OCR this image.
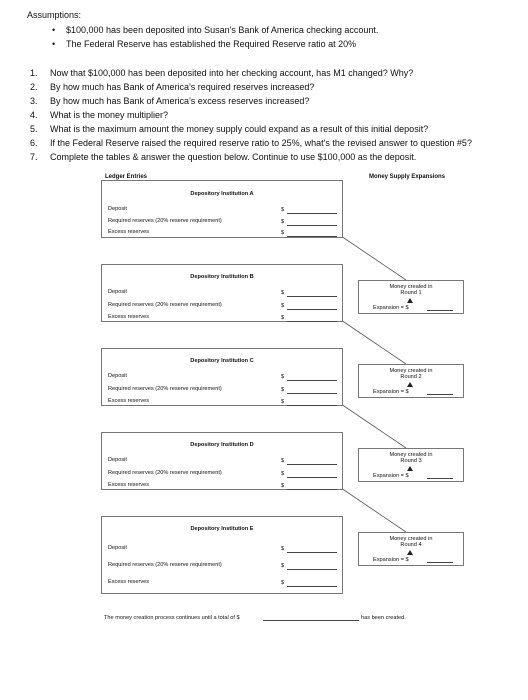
Assumptions:
• $100,000 has been deposited into Susan's Bank of America checking account.
• The Federal Reserve has established the Required Reserve ratio at 20%
1. Now that $100,000 has been deposited into her checking account, has M1 changed? Why?
2. By how much has Bank of America's required reserves increased?
3. By how much has Bank of America's excess reserves increased?
4. What is the money multiplier?
5. What is the maximum amount the money supply could expand as a result of this initial deposit?
6. If the Federal Reserve raised the required reserve ratio to 25%, what's the revised answer to question #5?
7. Complete the tables & answer the question below. Continue to use $100,000 as the deposit.
Ledger Entries	Money Supply Expansions
Depository Institution A
Deposit	$
Required reserves (20% reserve requirement)	$
Excess reserves	$
Depository Institution B
Deposit	$
Required reserves (20% reserve requirement)	$
Excess reserves	$
Depository Institution C
Deposit	$
Required reserves (20% reserve requirement)	$
Excess reserves	$
Depository Institution D
Deposit	$
Required reserves (20% reserve requirement)	$
Excess reserves	$
Depository Institution E
Deposit	$
Required reserves (20% reserve requirement)	$
Excess reserves	$
Money created in
Round 1
Expansion = $
Money created in
Round 2
Expansion = $
Money created in
Round 3
Expansion = $
Money created in
Round 4
Expansion = $
The money creation process continues until a total of $	has been created.
